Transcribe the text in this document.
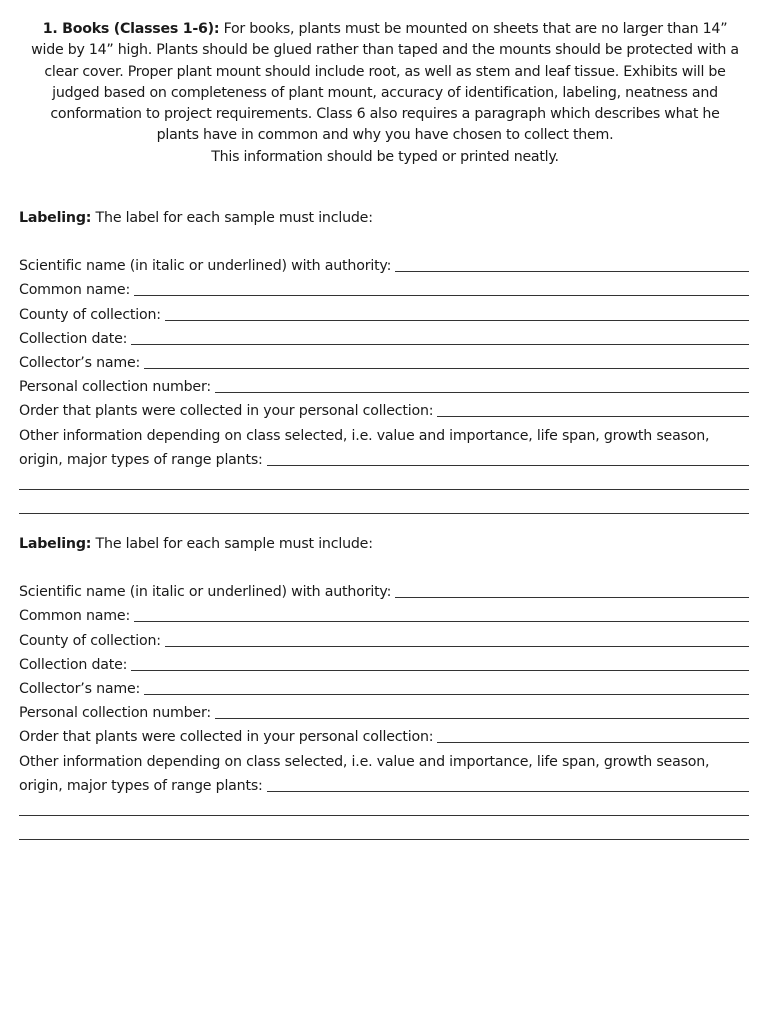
1. Books (Classes 1-6): For books, plants must be mounted on sheets that are no larger than 14” wide by 14” high. Plants should be glued rather than taped and the mounts should be protected with a clear cover. Proper plant mount should include root, as well as stem and leaf tissue. Exhibits will be judged based on completeness of plant mount, accuracy of identification, labeling, neatness and conformation to project requirements. Class 6 also requires a paragraph which describes what he plants have in common and why you have chosen to collect them.
This information should be typed or printed neatly.
Labeling: The label for each sample must include:
Scientific name (in italic or underlined) with authority:
Common name:
County of collection:
Collection date:
Collector’s name:
Personal collection number:
Order that plants were collected in your personal collection:
Other information depending on class selected, i.e. value and importance, life span, growth season,
origin, major types of range plants:
Labeling: The label for each sample must include:
Scientific name (in italic or underlined) with authority:
Common name:
County of collection:
Collection date:
Collector’s name:
Personal collection number:
Order that plants were collected in your personal collection:
Other information depending on class selected, i.e. value and importance, life span, growth season,
origin, major types of range plants:
